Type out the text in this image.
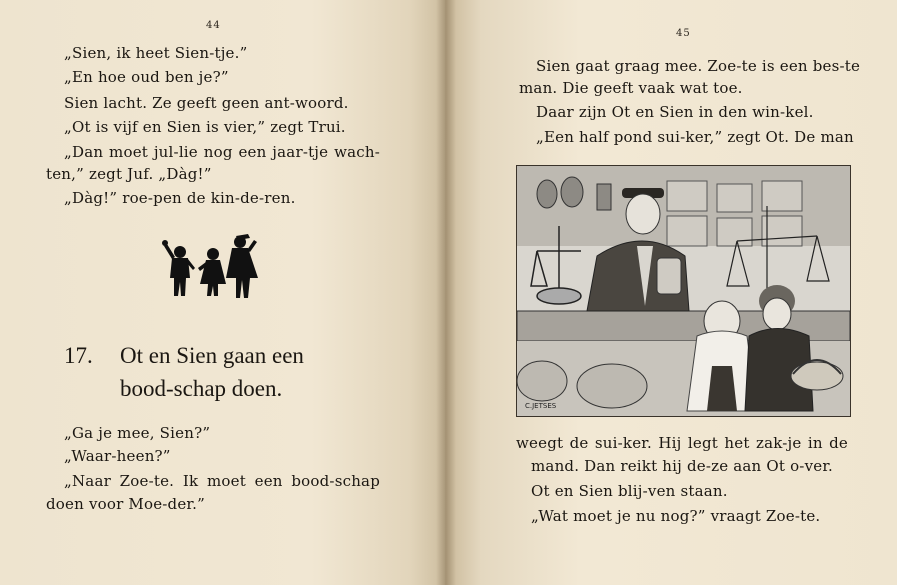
44
„Sien, ik heet Sien-tje.”
„En hoe oud ben je?”
Sien lacht. Ze geeft geen ant-woord.
„Ot is vijf en Sien is vier,” zegt Trui.
„Dan moet jul-lie nog een jaar-tje wach-
ten,” zegt Juf. „Dàg!”
„Dàg!” roe-pen de kin-de-ren.
17. Ot en Sien gaan een
bood-schap doen.
„Ga je mee, Sien?”
„Waar-heen?”
„Naar Zoe-te. Ik moet een bood-schap
doen voor Moe-der.”
45
Sien gaat graag mee. Zoe-te is een bes-te
man. Die geeft vaak wat toe.
Daar zijn Ot en Sien in den win-kel.
„Een half pond sui-ker,” zegt Ot. De man
C.JETSES
weegt de sui-ker. Hij legt het zak-je in de
mand. Dan reikt hij de-ze aan Ot o-ver.
Ot en Sien blij-ven staan.
„Wat moet je nu nog?” vraagt Zoe-te.
